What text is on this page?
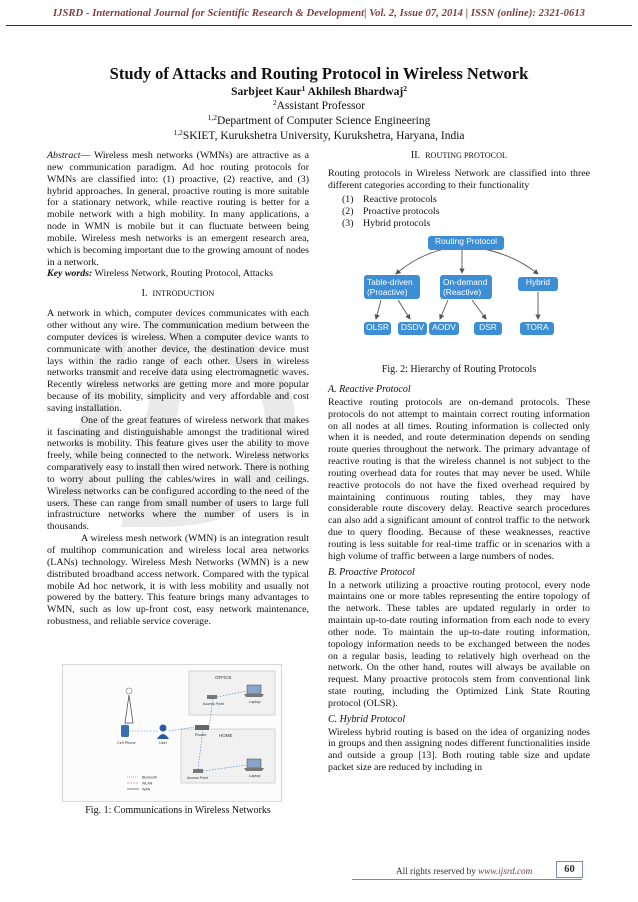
IJSRD - International Journal for Scientific Research & Development| Vol. 2, Issue 07, 2014 | ISSN (online): 2321-0613
Study of Attacks and Routing Protocol in Wireless Network
Sarbjeet Kaur$^1$ Akhilesh Bhardwaj$^2$
$^2$Assistant Professor
$^{1,2}$Department of Computer Science Engineering
$^{1,2}$SKIET, Kurukshetra University, Kurukshetra, Haryana, India

Abstract— Wireless mesh networks (WMNs) are attractive as a new communication paradigm. Ad hoc routing protocols for WMNs are classified into: (1) proactive, (2) reactive, and (3) hybrid approaches. In general, proactive routing is more suitable for a stationary network, while reactive routing is better for a mobile network with a high mobility. In many applications, a node in WMN is mobile but it can fluctuate between being mobile. Wireless mesh networks is an emergent research area, which is becoming important due to the growing amount of nodes in a network.

Key words: Wireless Network, Routing Protocol, Attacks

I. INTRODUCTION

A network in which, computer devices communicates with each other without any wire. The communication medium between the computer devices is wireless. When a computer device wants to communicate with another device, the destination device must lays within the radio range of each other. Users in wireless networks transmit and receive data using electromagnetic waves. Recently wireless networks are getting more and more popular because of its mobility, simplicity and very affordable and cost saving installation.

One of the great features of wireless network that makes it fascinating and distinguishable amongst the traditional wired networks is mobility. This feature gives user the ability to move freely, while being connected to the network. Wireless networks comparatively easy to install then wired network. There is nothing to worry about pulling the cables/wires in wall and ceilings. Wireless networks can be configured according to the need of the users. These can range from small number of users to large full infrastructure networks where the number of users is in thousands.

A wireless mesh network (WMN) is an integration result of multihop communication and wireless local area networks (LANs) technology. Wireless Mesh Networks (WMN) is a new distributed broadband access network. Compared with the typical mobile Ad hoc network, it is with less mobility and usually not powered by the battery. This feature brings many advantages to WMN, such as low up-front cost, easy network maintenance, robustness, and reliable service coverage.

OFFICE
HOME
Cell Phone	User
Router
Access Point	Laptop
Access Point	Laptop
Bluetooth
WLAN
WAN
Fig. 1: Communications in Wireless Networks
II. ROUTING PROTOCOL

Routing protocols in Wireless Network are classified into three different categories according to their functionality

(1) Reactive protocols
(2) Proactive protocols
(3) Hybrid protocols
Routing Protocol
Table-driven
(Proactive)
On-demand
(Reactive)
Hybrid
OLSR	DSDV AODV	DSR	TORA
Fig. 2: Hierarchy of Routing Protocols
A. Reactive Protocol

Reactive routing protocols are on-demand protocols. These protocols do not attempt to maintain correct routing information on all nodes at all times. Routing information is collected only when it is needed, and route determination depends on sending route queries throughout the network. The primary advantage of reactive routing is that the wireless channel is not subject to the routing overhead data for routes that may never be used. While reactive protocols do not have the fixed overhead required by maintaining continuous routing tables, they may have considerable route discovery delay. Reactive search procedures can also add a significant amount of control traffic to the network due to query flooding. Because of these weaknesses, reactive routing is less suitable for real-time traffic or in scenarios with a high volume of traffic between a large numbers of nodes.

B. Proactive Protocol

In a network utilizing a proactive routing protocol, every node maintains one or more tables representing the entire topology of the network. These tables are updated regularly in order to maintain up-to-date routing information from each node to every other node. To maintain the up-to-date routing information, topology information needs to be exchanged between the nodes on a regular basis, leading to relatively high overhead on the network. On the other hand, routes will always be available on request. Many proactive protocols stem from conventional link state routing, including the Optimized Link State Routing protocol (OLSR).

C. Hybrid Protocol

Wireless hybrid routing is based on the idea of organizing nodes in groups and then assigning nodes different functionalities inside and outside a group [13]. Both routing table size and update packet size are reduced by including in

All rights reserved by www.ijsrd.com	60
